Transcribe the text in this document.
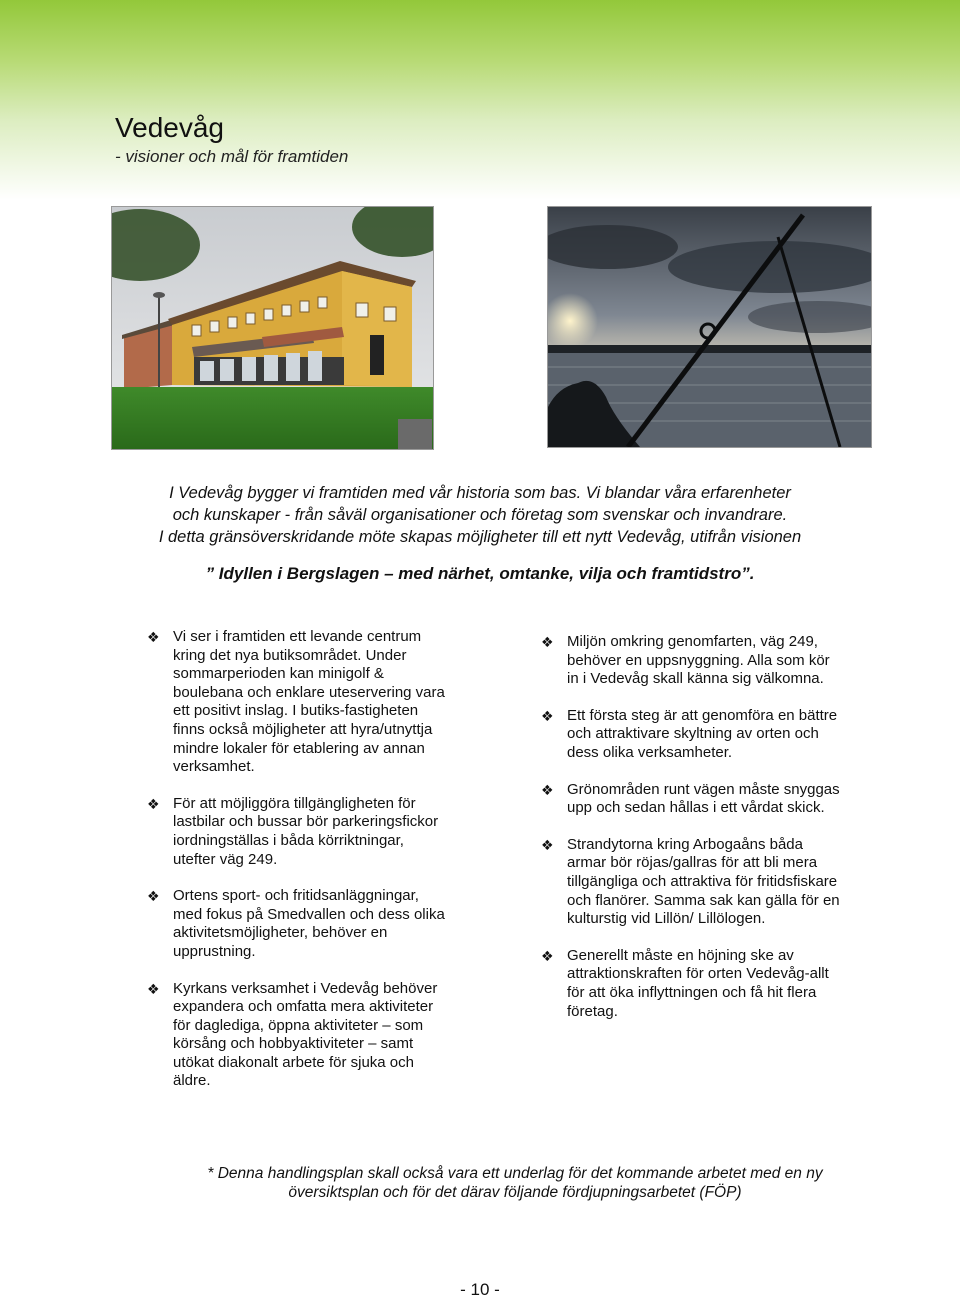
Vedevåg
- visioner och mål för framtiden

I Vedevåg bygger vi framtiden med vår historia som bas. Vi blandar våra erfarenheter

och kunskaper - från såväl organisationer och företag som svenskar och invandrare.

I detta gränsöverskridande möte skapas möjligheter till ett nytt Vedevåg, utifrån visionen

” Idyllen i Bergslagen – med närhet, omtanke, vilja och framtidstro”.
❖ Vi ser i framtiden ett levande centrum kring det nya butiksområdet. Under sommarperioden kan minigolf & boulebana och enklare uteservering vara ett positivt inslag. I butiks-fastigheten finns också möjligheter att hyra/utnyttja mindre lokaler för etablering av annan verksamhet.
❖ För att möjliggöra tillgängligheten för lastbilar och bussar bör parkeringsfickor iordningställas i båda körriktningar, utefter väg 249.
❖ Ortens sport- och fritidsanläggningar, med fokus på Smedvallen och dess olika aktivitetsmöjligheter, behöver en upprustning.
❖ Kyrkans verksamhet i Vedevåg behöver expandera och omfatta mera aktiviteter för daglediga, öppna aktiviteter – som körsång och hobbyaktiviteter – samt utökat diakonalt arbete för sjuka och äldre.
❖ Miljön omkring genomfarten, väg 249, behöver en uppsnyggning. Alla som kör in i Vedevåg skall känna sig välkomna.
❖ Ett första steg är att genomföra en bättre och attraktivare skyltning av orten och dess olika verksamheter.
❖ Grönområden runt vägen måste snyggas upp och sedan hållas i ett vårdat skick.
❖ Strandytorna kring Arbogaåns båda armar bör röjas/gallras för att bli mera tillgängliga och attraktiva för fritidsfiskare och flanörer. Samma sak kan gälla för en kulturstig vid Lillön/ Lillölogen.
❖ Generellt måste en höjning ske av attraktionskraften för orten Vedevåg-allt för att öka inflyttningen och få hit flera företag.

* Denna handlingsplan skall också vara ett underlag för det kommande arbetet med en ny

översiktsplan och för det därav följande fördjupningsarbetet (FÖP)

- 10 -
